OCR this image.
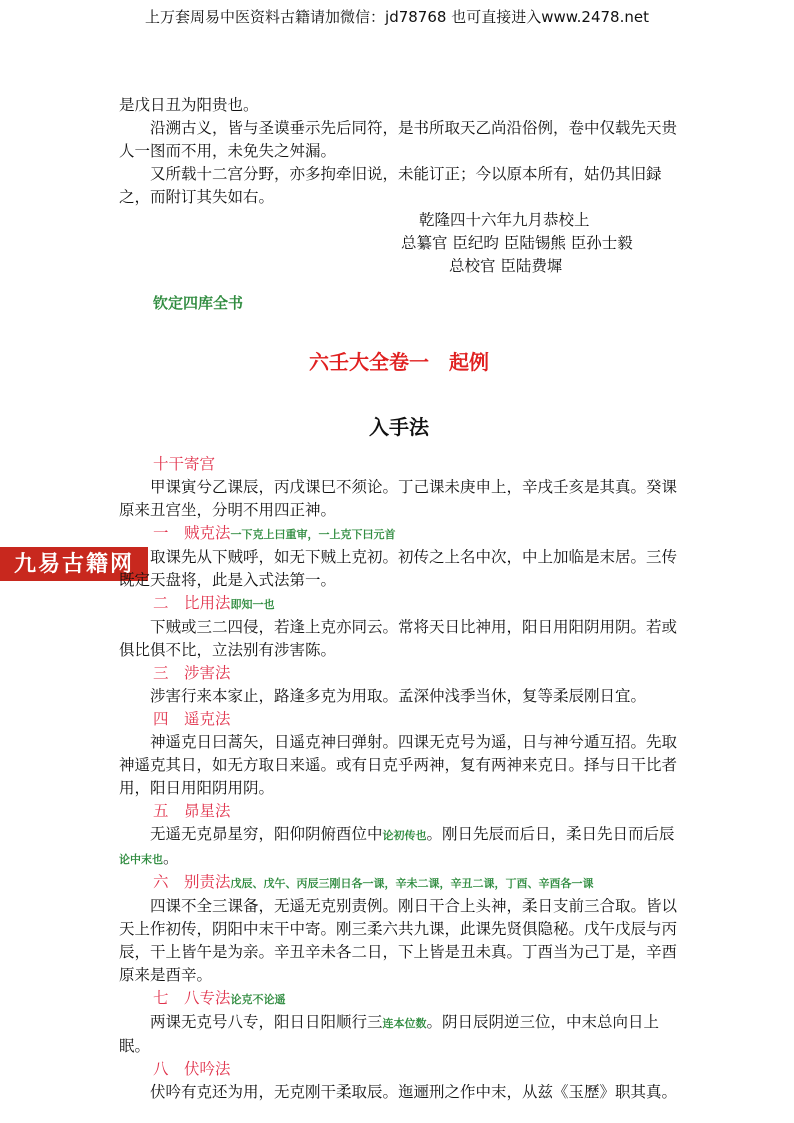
上万套周易中医资料古籍请加微信：jd78768 也可直接进入www.2478.net
九易古籍网

是戊日丑为阳贵也。

沿溯古义，皆与圣谟垂示先后同符，是书所取天乙尚沿俗例，卷中仅载先天贵人一图而不用，未免失之舛漏。

又所载十二宫分野，亦多拘牵旧说，未能订正；今以原本所有，姑仍其旧録之，而附订其失如右。

乾隆四十六年九月恭校上

总纂官 臣纪昀 臣陆锡熊 臣孙士毅

总校官 臣陆费墀

钦定四库全书

六壬大全卷一　起例

入手法

十干寄宫

甲课寅兮乙课辰，丙戊课巳不须论。丁己课未庚申上，辛戌壬亥是其真。癸课原来丑宫坐，分明不用四正神。

一　贼克法一下克上曰重审，一上克下曰元首

取课先从下贼呼，如无下贼上克初。初传之上名中次，中上加临是末居。三传既定天盘将，此是入式法第一。

二　比用法即知一也

下贼或三二四侵，若逢上克亦同云。常将天日比神用，阳日用阳阴用阴。若或俱比俱不比，立法别有涉害陈。

三　涉害法

涉害行来本家止，路逢多克为用取。孟深仲浅季当休，复等柔辰刚日宜。

四　遥克法

神遥克日曰蒿矢，日遥克神曰弹射。四课无克号为遥，日与神兮遁互招。先取神遥克其日，如无方取日来遥。或有日克乎两神，复有两神来克日。择与日干比者用，阳日用阳阴用阴。

五　昴星法

无遥无克昴星穷，阳仰阴俯酉位中论初传也。刚日先辰而后日，柔日先日而后辰论中末也。

六　别责法戊辰、戊午、丙辰三刚日各一课，辛未二课，辛丑二课，丁酉、辛酉各一课

四课不全三课备，无遥无克别责例。刚日干合上头神，柔日支前三合取。皆以天上作初传，阴阳中末干中寄。刚三柔六共九课，此课先贤俱隐秘。戊午戊辰与丙辰，干上皆午是为亲。辛丑辛未各二日，下上皆是丑未真。丁酉当为己丁是，辛酉原来是酉辛。

七　八专法论克不论遥

两课无克号八专，阳日日阳顺行三连本位数。阴日辰阴逆三位，中末总向日上眠。

八　伏吟法

伏吟有克还为用，无克刚干柔取辰。迤逦刑之作中末，从兹《玉歷》职其真。
